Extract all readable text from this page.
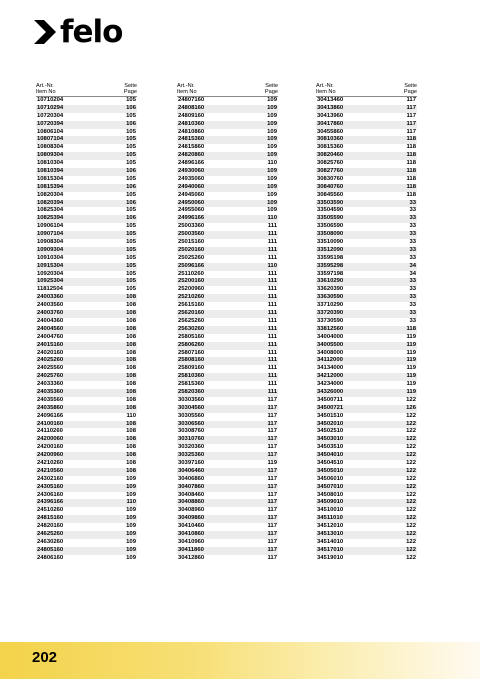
felo
Art.-Nr.	Seite
Item No	Page
10710204	105
10710294	106
10720304	105
10720394	106
10806104	105
10807104	105
10808304	105
10809304	105
10810304	105
10810394	106
10815304	105
10815394	106
10820304	105
10820394	106
10825304	105
10825394	106
10906104	105
10907104	105
10908304	105
10909304	105
10910304	105
10915304	105
10920304	105
10925304	105
11812504	105
24003360	108
24003560	108
24003760	108
24004360	108
24004560	108
24004760	108
24015160	108
24020160	108
24025260	108
24025560	108
24025760	108
24033360	108
24035360	108
24035560	108
24035860	108
24096166	110
24100160	108
24110260	108
24200060	108
24200160	108
24200960	108
24210260	108
24210560	108
24302160	109
24305160	109
24306160	109
24396166	110
24510260	109
24815160	109
24820160	109
24625260	109
24630260	109
24805160	109
24806160	109
Art.-Nr.	Seite
Item No	Page
24807160	109
24808160	109
24809160	109
24810360	109
24810860	109
24815360	109
24815860	109
24820860	109
24896166	110
24930060	109
24935060	109
24940060	109
24945060	109
24950060	109
24955060	109
24996166	110
25003360	111
25003560	111
25015160	111
25020160	111
25025260	111
25096166	110
25110260	111
25200160	111
25200960	111
25210260	111
25615160	111
25620160	111
25625260	111
25630260	111
25805160	111
25806260	111
25807160	111
25808160	111
25809160	111
25810360	111
25815360	111
25820360	111
30303560	117
30304560	117
30305560	117
30306560	117
30308760	117
30310760	117
30320360	117
30325360	117
30397160	119
30406460	117
30406860	117
30407860	117
30408460	117
30408860	117
30408960	117
30409860	117
30410460	117
30410860	117
30410960	117
30411860	117
30412860	117
Art.-Nr.	Seite
Item No	Page
30413460	117
30413860	117
30413960	117
30417860	117
30455860	117
30810360	118
30815360	118
30820460	118
30825760	118
30827760	118
30830760	118
30840760	118
30845560	118
33503590	33
33504590	33
33505590	33
33506590	33
33508090	33
33510090	33
33512090	33
33595198	33
33595298	34
33597198	34
33610290	33
33620390	33
33630590	33
33710290	33
33720390	33
33730590	33
33812560	118
34004000	119
34005500	119
34008000	119
34112000	119
34134000	119
34212000	119
34234000	119
34326000	119
34500711	122
34500721	126
34501510	122
34502010	122
34502510	122
34503010	122
34503510	122
34504010	122
34504510	122
34505010	122
34506010	122
34507010	122
34508010	122
34509010	122
34510010	122
34511010	122
34512010	122
34513010	122
34514010	122
34517010	122
34519010	122
202
